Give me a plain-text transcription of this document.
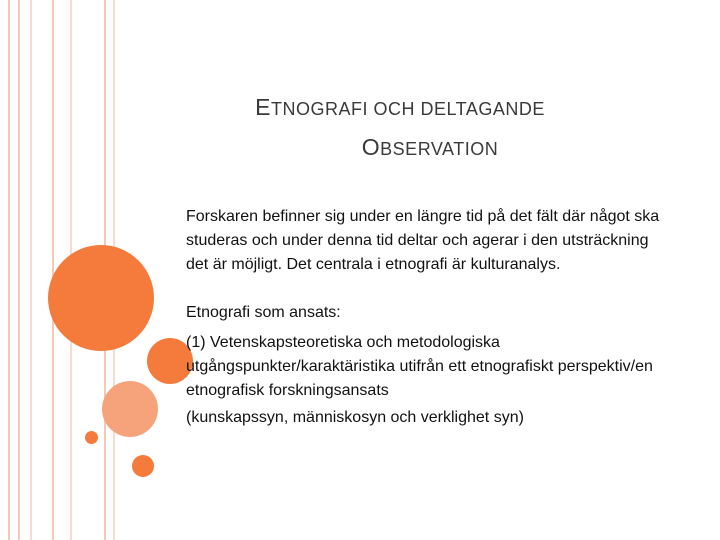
ETNOGRAFI OCH DELTAGANDE
OBSERVATION

Forskaren befinner sig under en längre tid på det fält där något ska studeras och under denna tid deltar och agerar i den utsträckning det är möjligt. Det centrala i etnografi är kulturanalys.

Etnografi som ansats:

(1) Vetenskapsteoretiska och metodologiska utgångspunkter/karaktäristika utifrån ett etnografiskt perspektiv/en etnografisk forskningsansats

(kunskapssyn, människosyn och verklighet syn)
